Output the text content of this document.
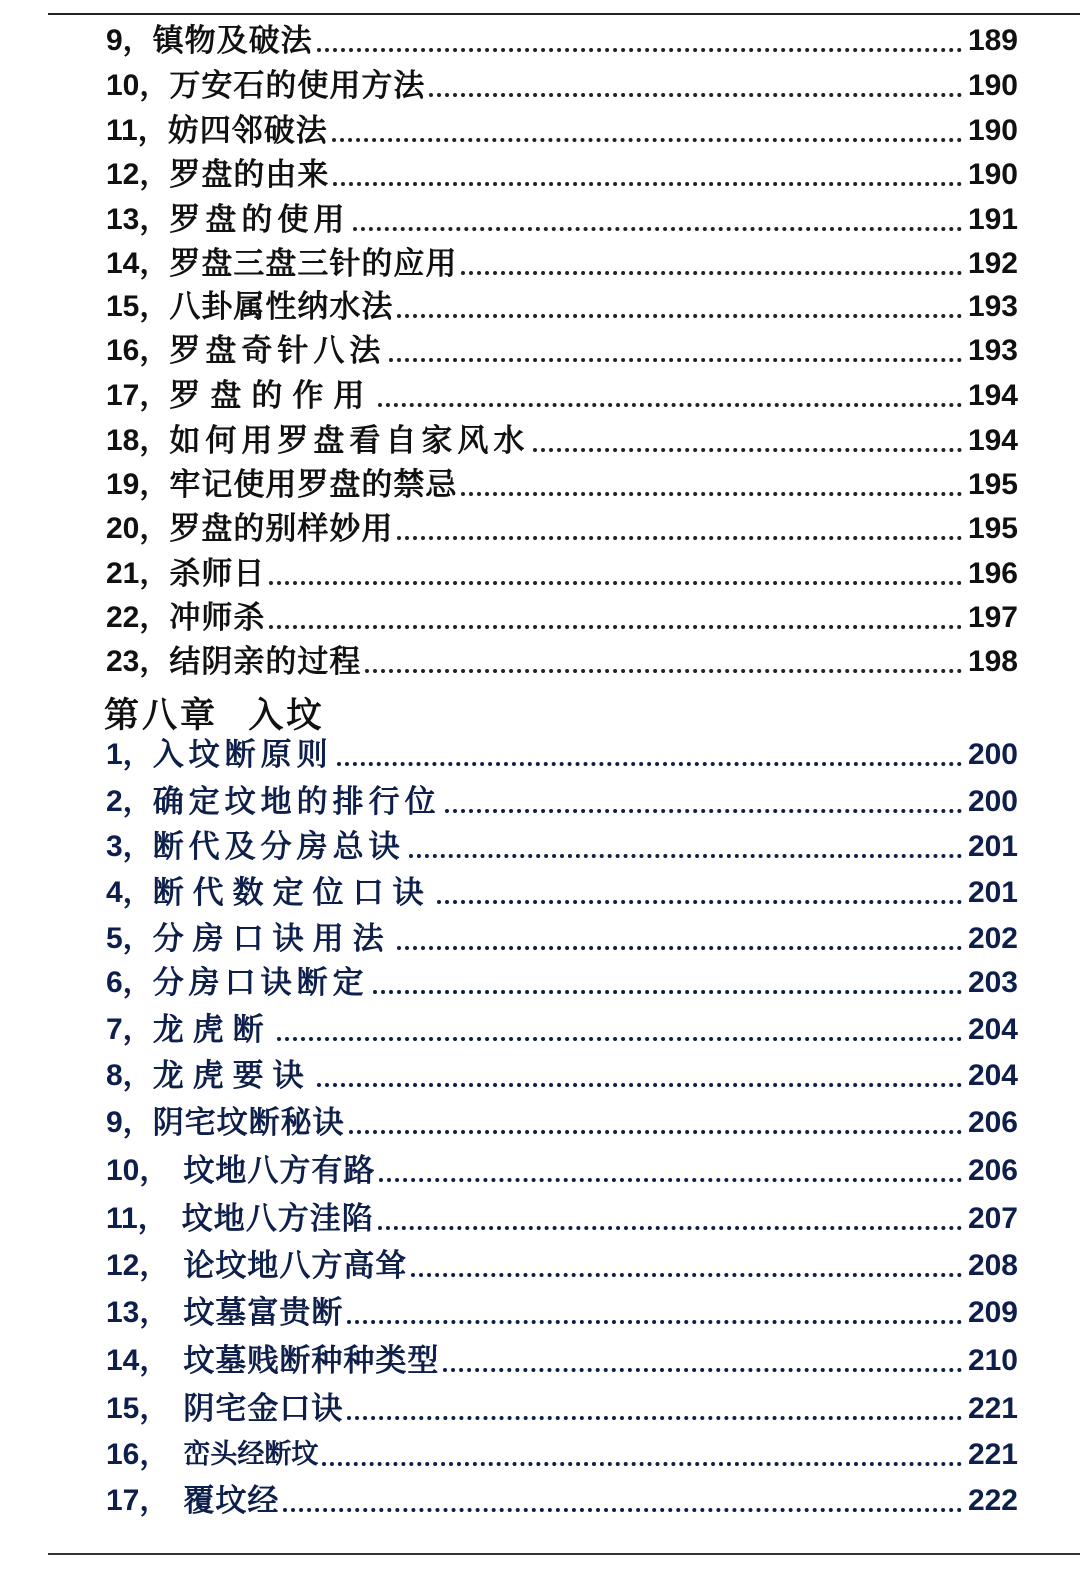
9， 镇物及破法	189
10， 万安石的使用方法	190
11， 妨四邻破法	190
12， 罗盘的由来	190
13， 罗盘的使用	191
14， 罗盘三盘三针的应用	192
15， 八卦属性纳水法	193
16， 罗盘奇针八法	193
17， 罗盘的作用	194
18， 如何用罗盘看自家风水	194
19， 牢记使用罗盘的禁忌	195
20， 罗盘的别样妙用	195
21， 杀师日	196
22， 冲师杀	197
23， 结阴亲的过程	198
第八章  入坟
1， 入坟断原则	200
2， 确定坟地的排行位	200
3， 断代及分房总诀	201
4， 断代数定位口诀	201
5， 分房口诀用法	202
6， 分房口诀断定	203
7， 龙虎断	204
8， 龙虎要诀	204
9， 阴宅坟断秘诀	206
10， 坟地八方有路	206
11， 坟地八方洼陷	207
12， 论坟地八方高耸	208
13， 坟墓富贵断	209
14， 坟墓贱断种种类型	210
15， 阴宅金口诀	221
16， 峦头经断坟	221
17， 覆坟经	222
